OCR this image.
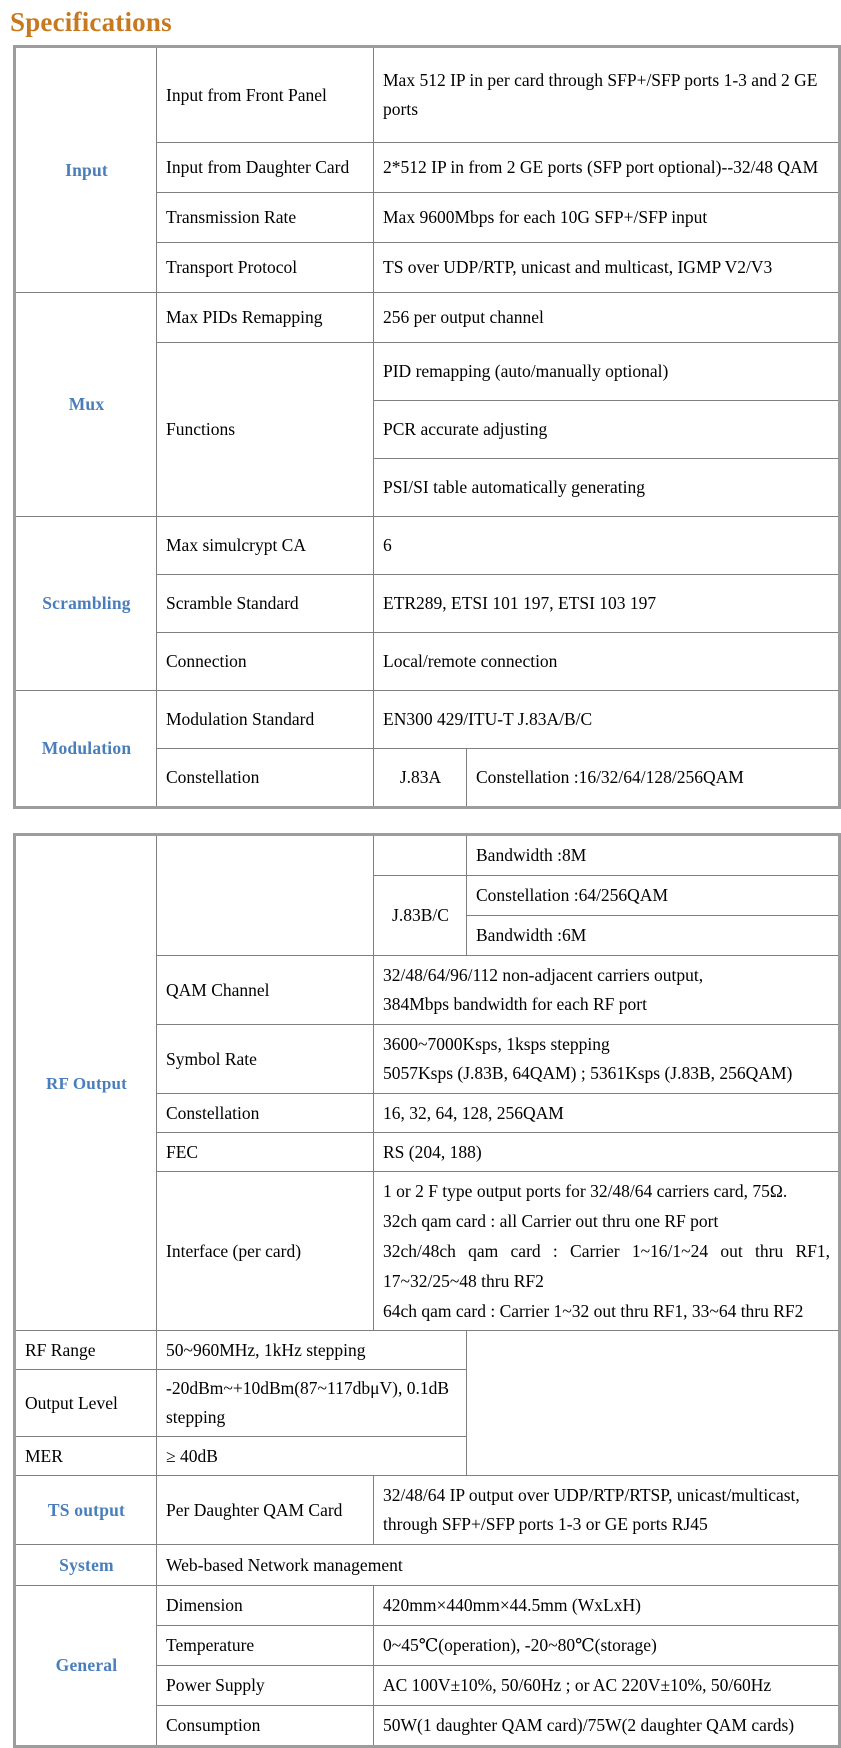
Specifications
Input	Input from Front Panel	Max 512 IP in per card through SFP+/SFP ports 1-3 and 2 GE ports	
	Input from Daughter Card	2*512 IP in from 2 GE ports (SFP port optional)--32/48 QAM	
	Transmission Rate	Max 9600Mbps for each 10G SFP+/SFP input	
	Transport Protocol	TS over UDP/RTP, unicast and multicast, IGMP V2/V3	
Mux	Max PIDs Remapping	256 per output channel	
	Functions	PID remapping (auto/manually optional)	
		PCR accurate adjusting	
		PSI/SI table automatically generating	
Scrambling	Max simulcrypt CA	6	
	Scramble Standard	ETR289, ETSI 101 197, ETSI 103 197	
	Connection	Local/remote connection	
Modulation	Modulation Standard	EN300 429/ITU-T J.83A/B/C	
	Constellation	J.83A	Constellation :16/32/64/128/256QAM
RF Output			Bandwidth :8M
		J.83B/C	Constellation :64/256QAM
			Bandwidth :6M
	QAM Channel	32/48/64/96/112 non-adjacent carriers output,
384Mbps bandwidth for each RF port	

	Symbol Rate	3600~7000Ksps, 1ksps stepping
5057Ksps (J.83B, 64QAM) ; 5361Ksps (J.83B, 256QAM)	

	Constellation	16, 32, 64, 128, 256QAM	
	FEC	RS (204, 188)	
	Interface (per card)	1 or 2 F type output ports for 32/48/64 carriers card, 75Ω.
32ch qam card : all Carrier out thru one RF port
32ch/48ch qam card : Carrier 1~16/1~24 out thru RF1,
17~32/25~48 thru RF2
64ch qam card : Carrier 1~32 out thru RF1, 33~64 thru RF2	

RF Range	50~960MHz, 1kHz stepping		
Output Level	-20dBm~+10dBm(87~117dbμV), 0.1dB stepping		
MER	≥ 40dB		
TS output	Per Daughter QAM Card	32/48/64 IP output over UDP/RTP/RTSP, unicast/multicast,
through SFP+/SFP ports 1-3 or GE ports RJ45	

System	Web-based Network management		
General	Dimension	420mm×440mm×44.5mm (WxLxH)	
	Temperature	0~45℃(operation), -20~80℃(storage)	
	Power Supply	AC 100V±10%, 50/60Hz ; or AC 220V±10%, 50/60Hz	
	Consumption	50W(1 daughter QAM card)/75W(2 daughter QAM cards)	
